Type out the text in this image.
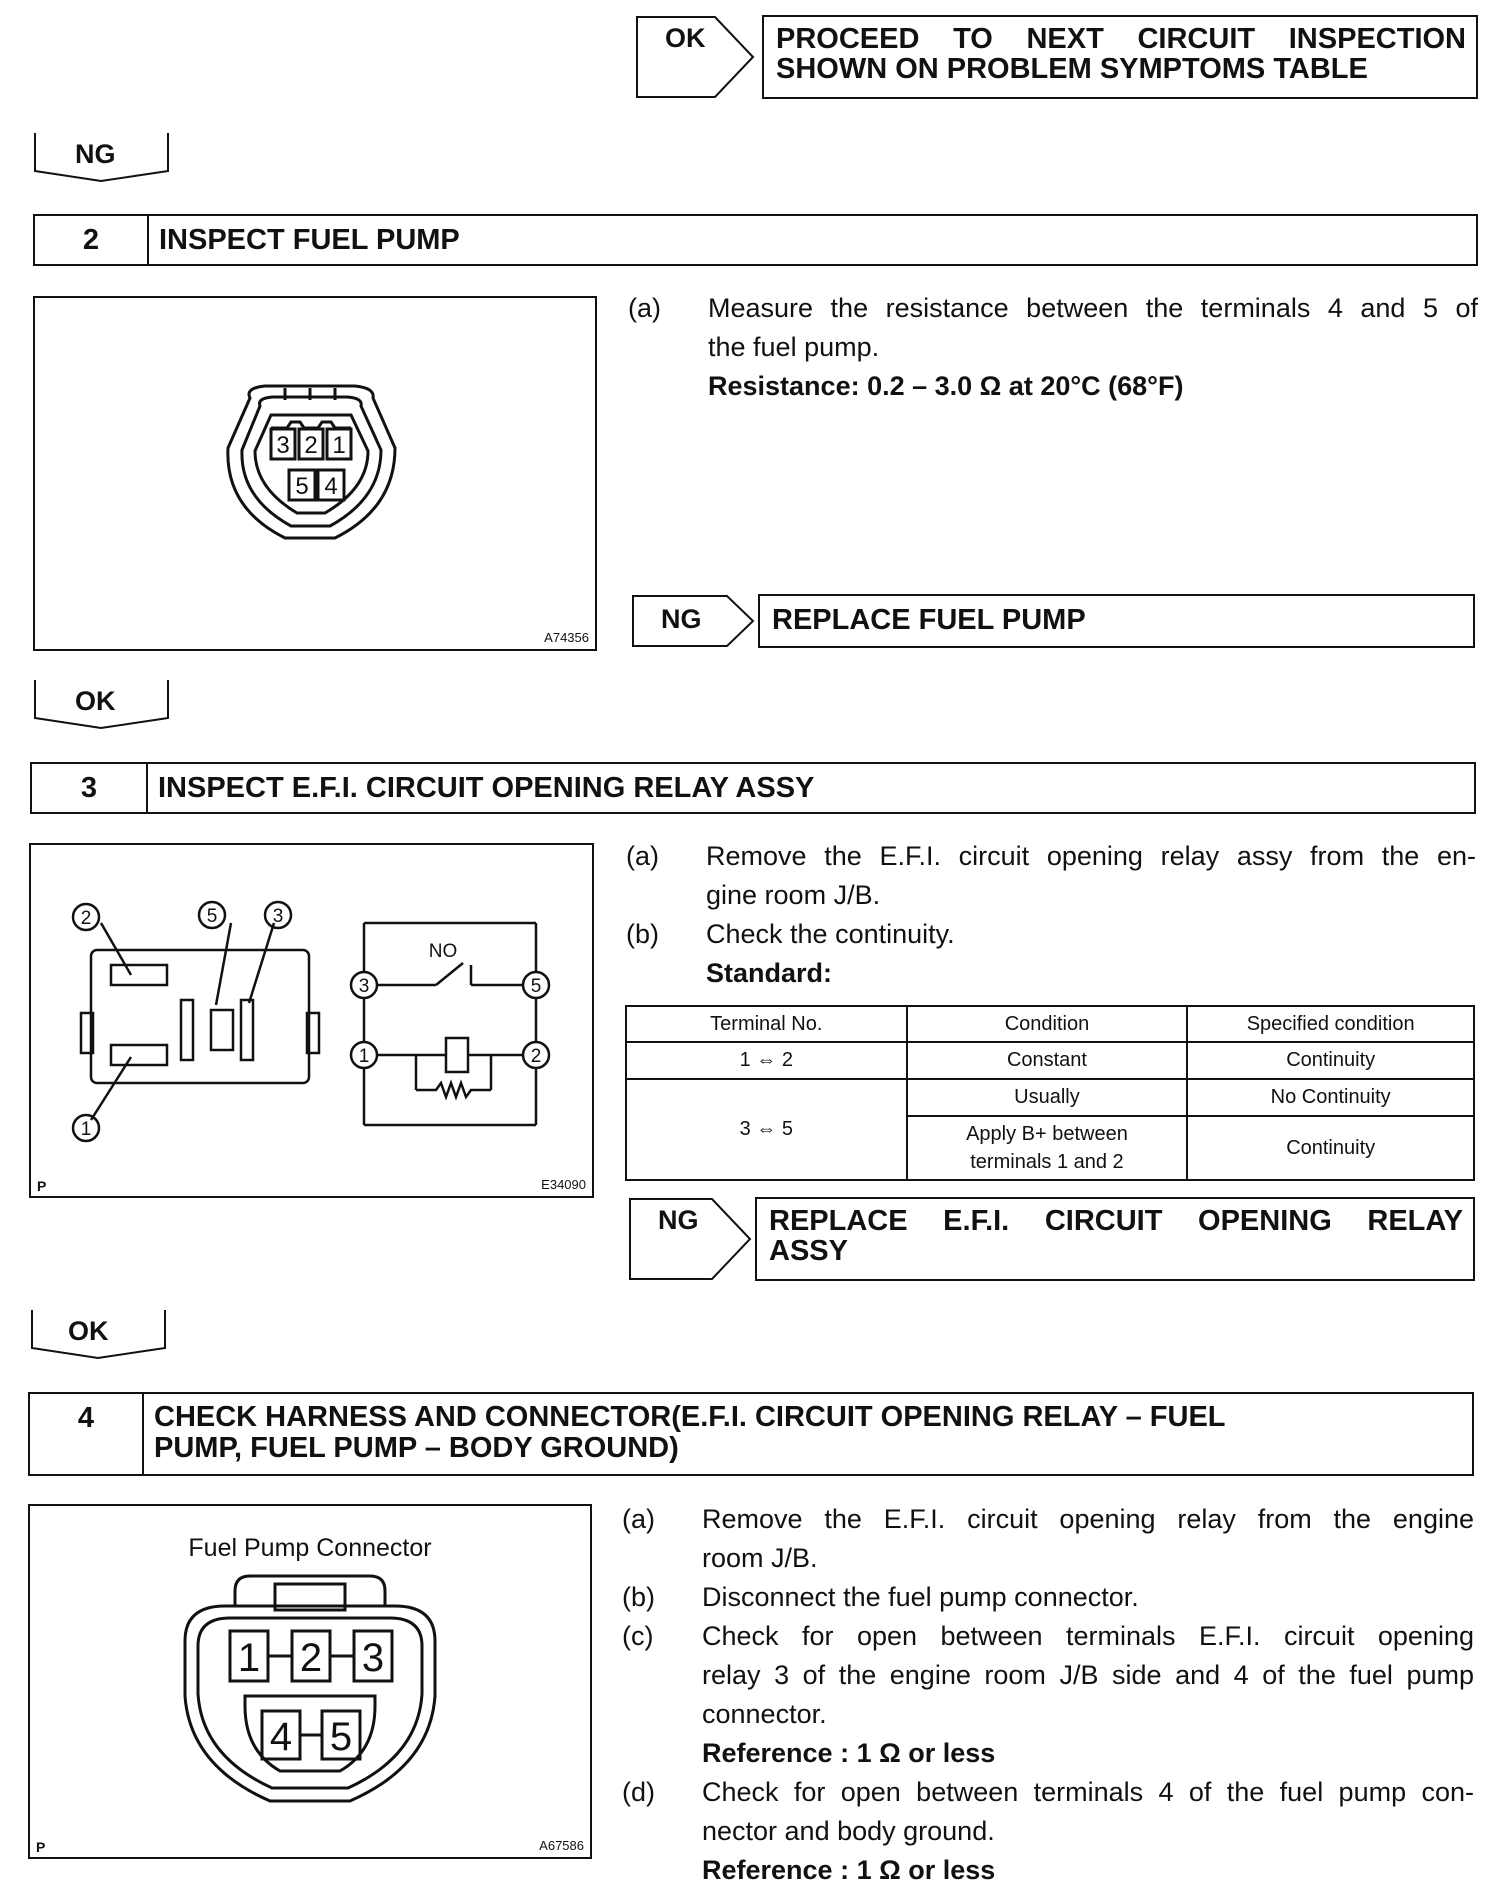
OK PROCEED TO NEXT CIRCUIT INSPECTION
SHOWN ON PROBLEM SYMPTOMS TABLE
NG
2	INSPECT FUEL PUMP
3 2 1
5 4
A74356
(a) Measure the resistance between the terminals 4 and 5 of
the fuel pump.
Resistance: 0.2 – 3.0 Ω at 20°C (68°F)
NG REPLACE FUEL PUMP
OK
3	INSPECT E.F.I. CIRCUIT OPENING RELAY ASSY
2	5	3
1
3	5
1	2
NO
P	E34090
(a) Remove the E.F.I. circuit opening relay assy from the en-
gine room J/B.
(b) Check the continuity.
Standard:
Terminal No.	Condition	Specified condition
1 ⇔ 2	Constant	Continuity
3 ⇔ 5	Usually	No Continuity

	Apply B+ between
terminals 1 and 2	Continuity
NG REPLACE E.F.I. CIRCUIT OPENING RELAY
ASSY
OK
4	CHECK HARNESS AND CONNECTOR(E.F.I. CIRCUIT OPENING RELAY – FUEL
PUMP, FUEL PUMP – BODY GROUND)
Fuel Pump Connector
1 2 3
4 5
P	A67586
(a) Remove the E.F.I. circuit opening relay from the engine
room J/B.
(b) Disconnect the fuel pump connector.
(c) Check for open between terminals E.F.I. circuit opening
relay 3 of the engine room J/B side and 4 of the fuel pump
connector.
Reference : 1 Ω or less
(d) Check for open between terminals 4 of the fuel pump con-
nector and body ground.
Reference : 1 Ω or less
